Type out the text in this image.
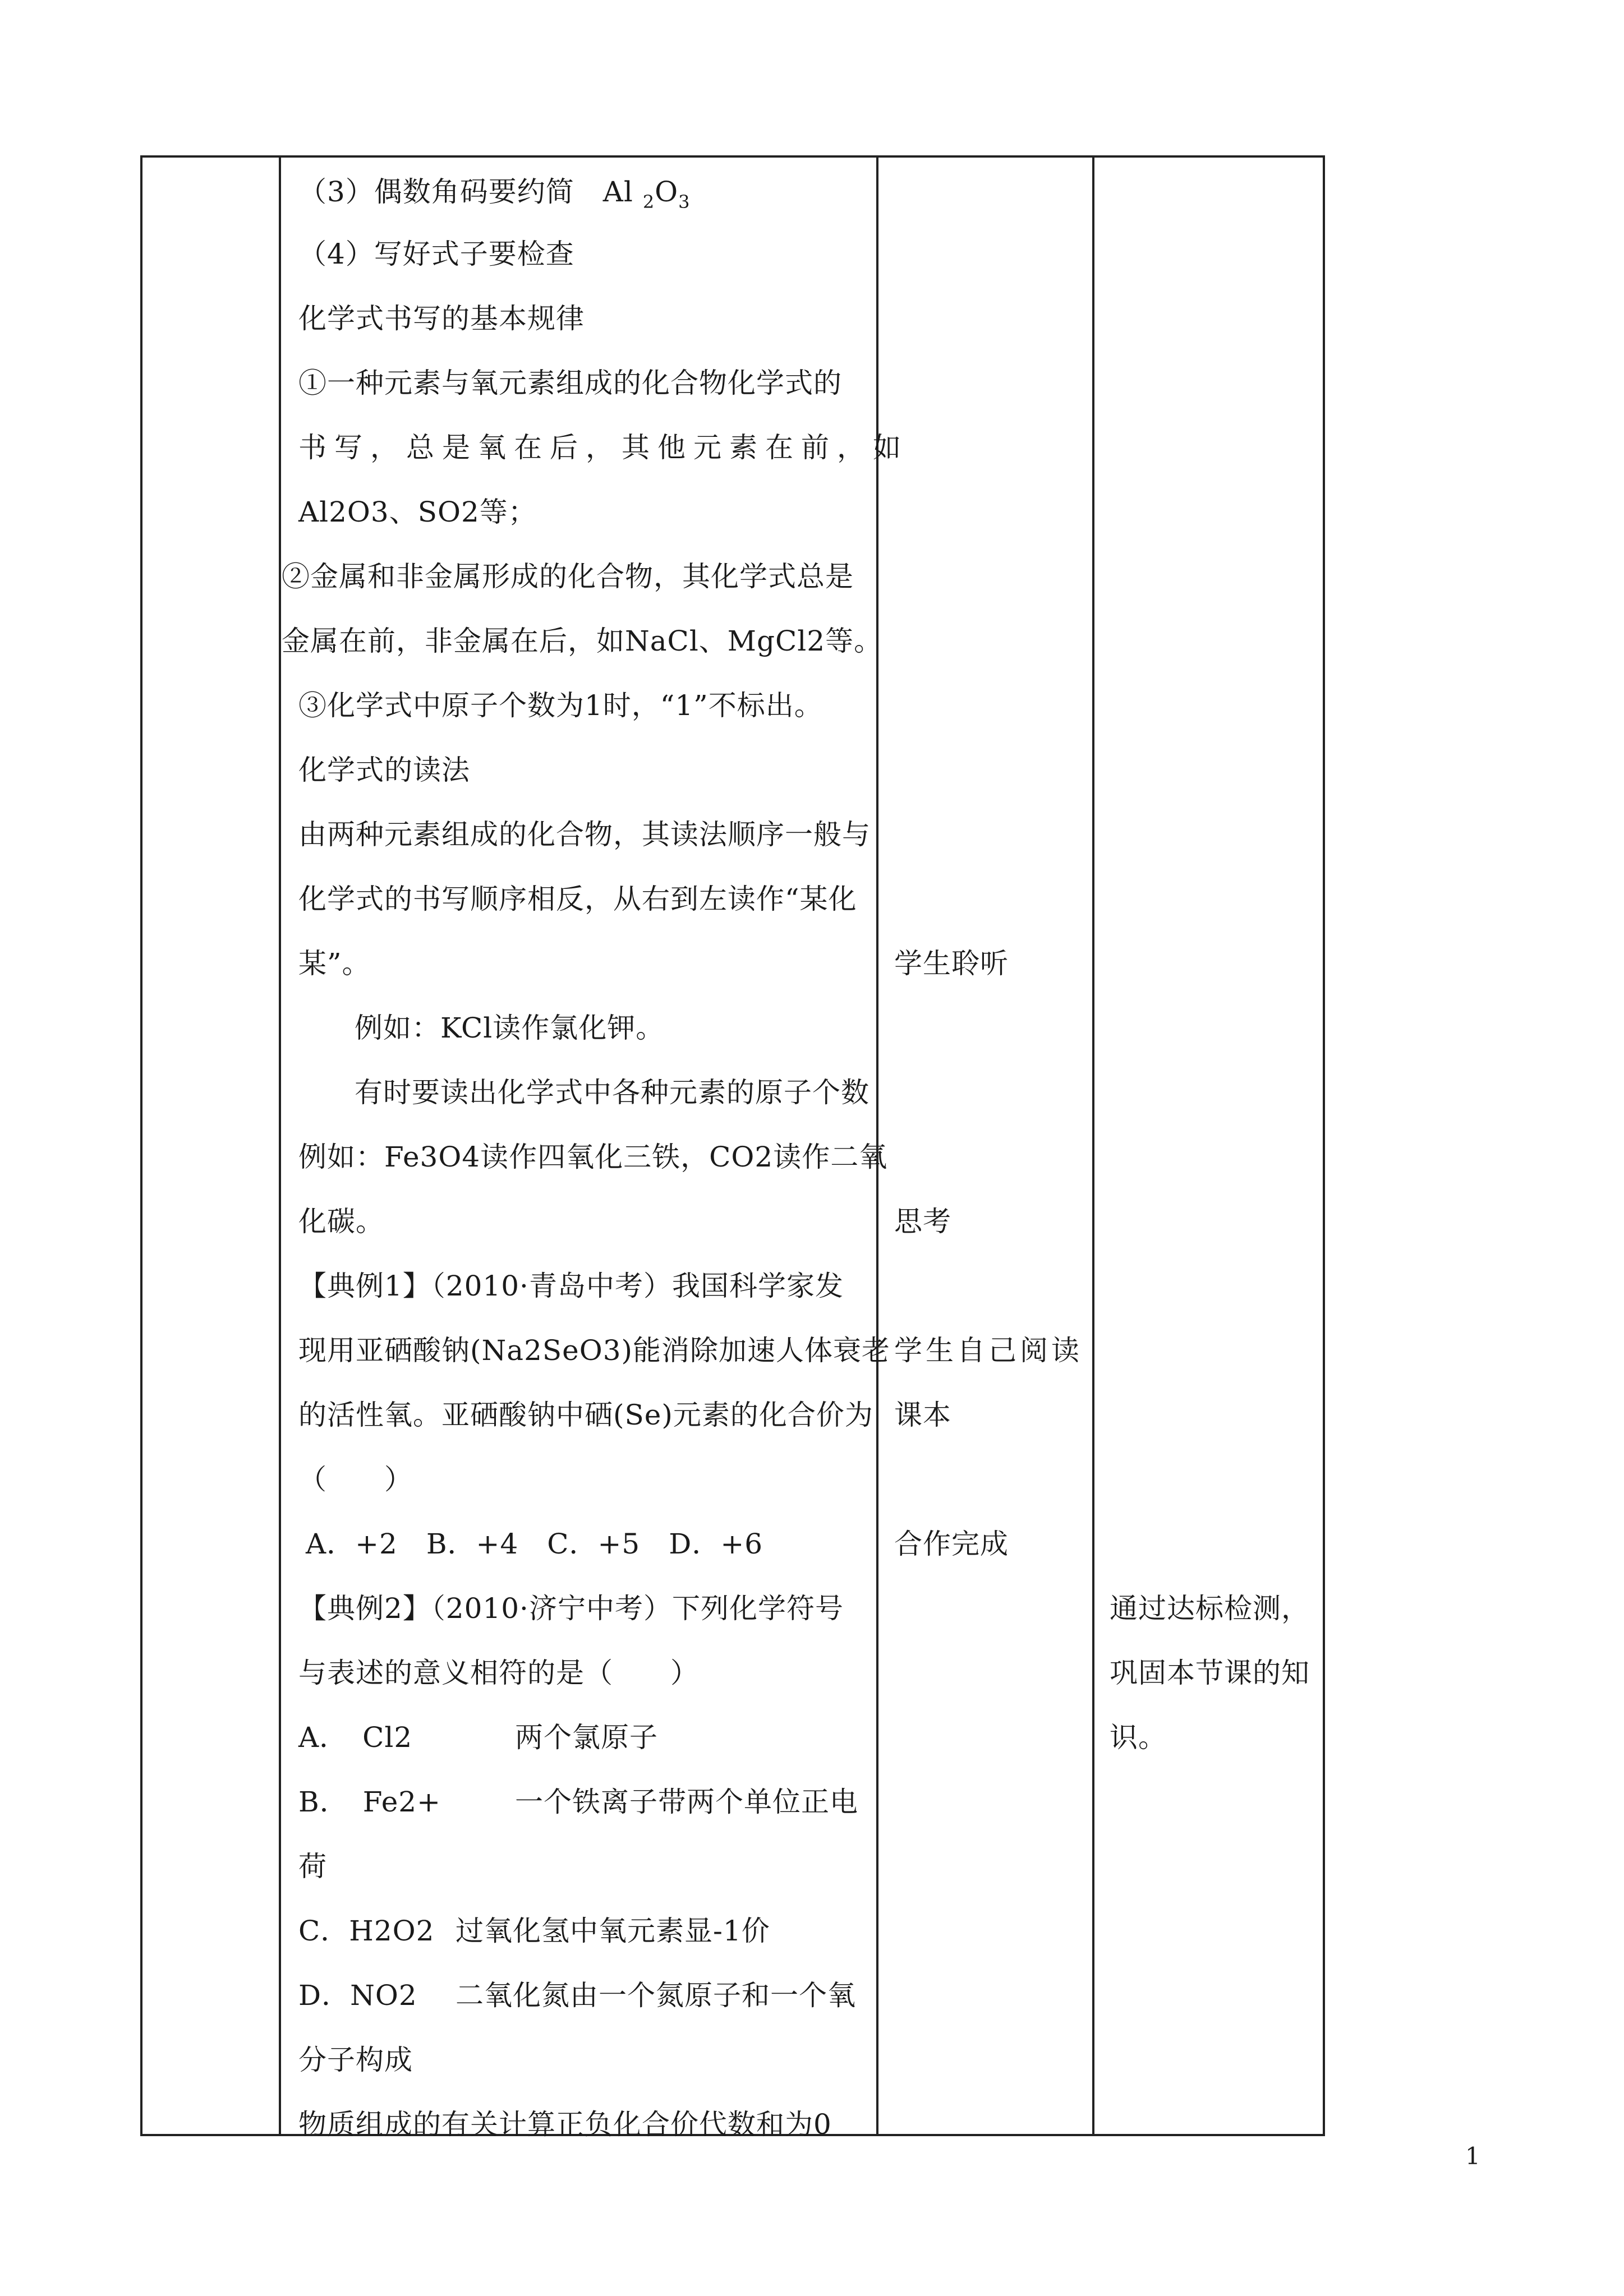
（3）偶数角码要约简　Al $_2O_3$
（4）写好式子要检查
化学式书写的基本规律
①一种元素与氧元素组成的化合物化学式的
书写，总是氧在后，其他元素在前，如
Al2O3、SO2等；
②金属和非金属形成的化合物，其化学式总是
金属在前，非金属在后，如NaCl、MgCl2等。
③化学式中原子个数为1时，“1”不标出。
化学式的读法
由两种元素组成的化合物，其读法顺序一般与
化学式的书写顺序相反，从右到左读作“某化
某”。
例如：KCl读作氯化钾。
有时要读出化学式中各种元素的原子个数
例如：Fe3O4读作四氧化三铁，CO2读作二氧
化碳。
【典例1】（2010·青岛中考）我国科学家发
现用亚硒酸钠(Na2SeO3)能消除加速人体衰老
的活性氧。亚硒酸钠中硒(Se)元素的化合价为
（　　）
A．+2　B．+4　C．+5　D．+6
【典例2】（2010·济宁中考）下列化学符号
与表述的意义相符的是（　　）
A．　Cl2	两个氯原子
B．　Fe2+	一个铁离子带两个单位正电
荷
C．H2O2 过氧化氢中氧元素显-1价
D．NO2 二氧化氮由一个氮原子和一个氧
分子构成
物质组成的有关计算正负化合价代数和为0
学生聆听
思考
学生自己阅读
课本
合作完成
通过达标检测，
巩固本节课的知
识。
1
